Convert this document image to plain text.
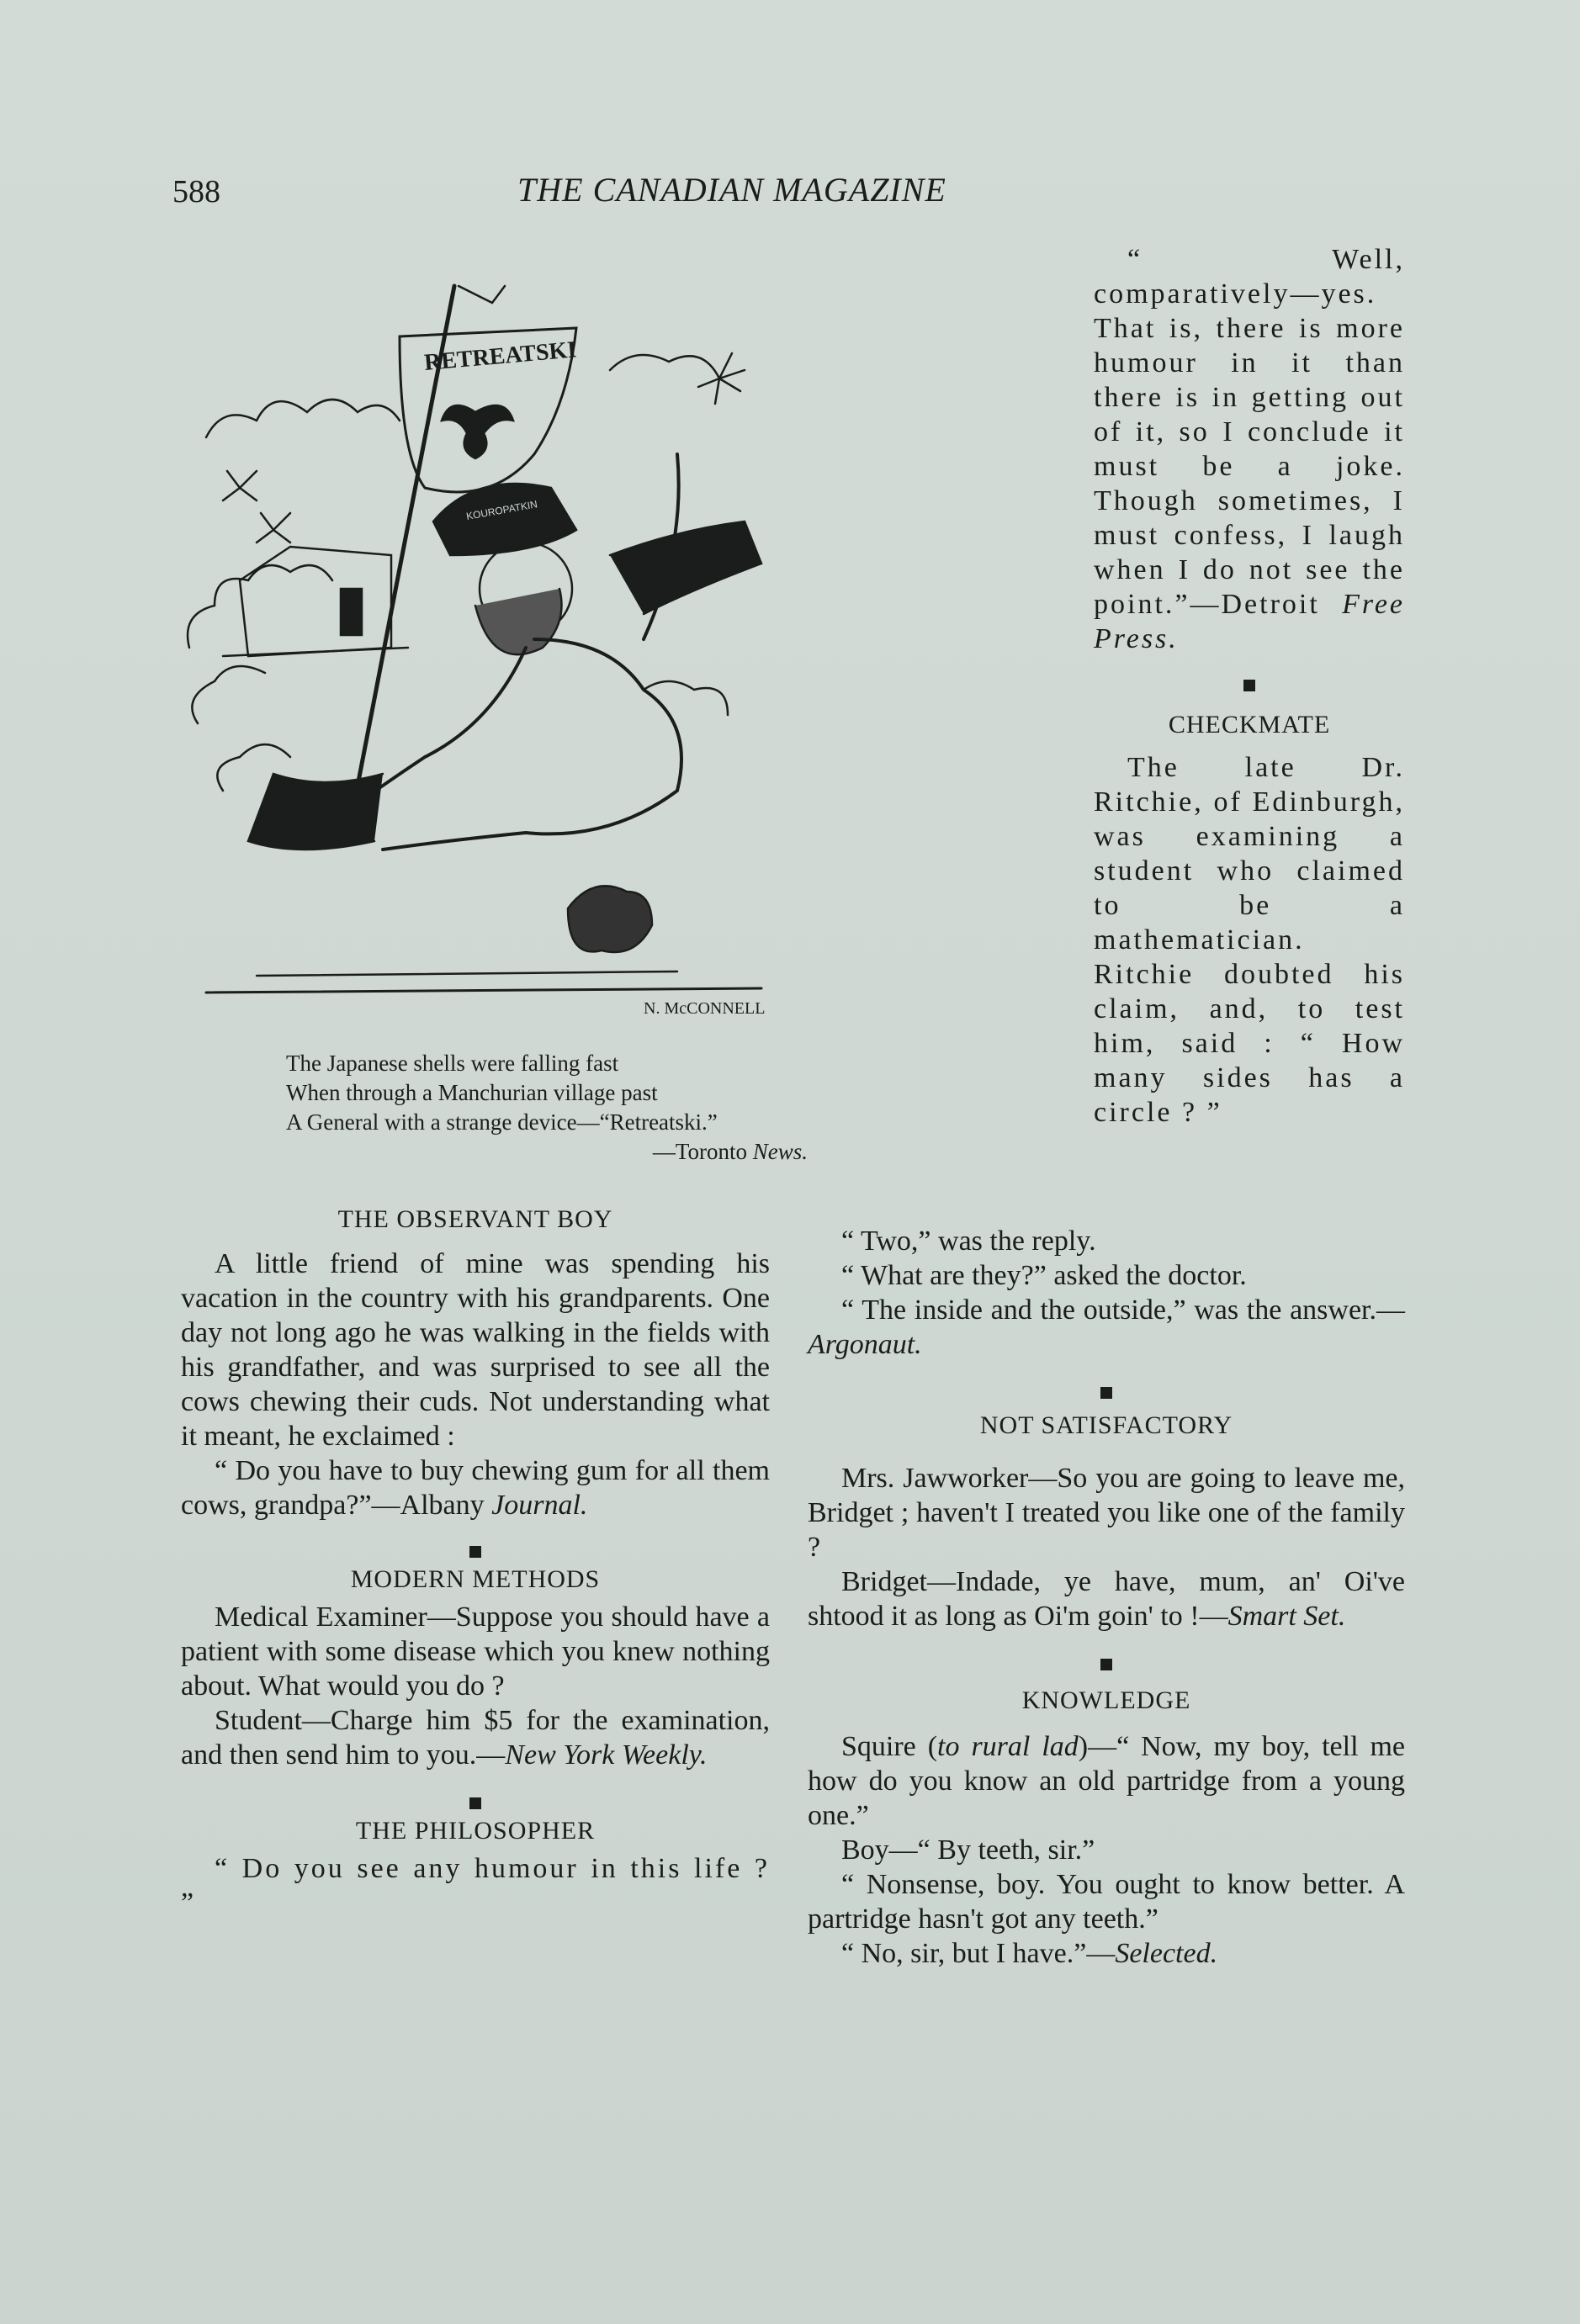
588	THE CANADIAN MAGAZINE
RETREATSKI
KOUROPATKIN
N. McCONNELL
The Japanese shells were falling fast
When through a Manchurian village past
A General with a strange device—“Retreatski.”
—Toronto News.

“ Well, comparatively—yes. That is, there is more humour in it than there is in getting out of it, so I conclude it must be a joke. Though sometimes, I must confess, I laugh when I do not see the point.”—Detroit Free Press.

CHECKMATE

The late Dr. Ritchie, of Edinburgh, was examining a student who claimed to be a mathematician. Ritchie doubted his claim, and, to test him, said : “ How many sides has a circle ? ”

“ Two,” was the reply.

“ What are they?” asked the doctor.

“ The inside and the outside,” was the answer.—Argonaut.

NOT SATISFACTORY

Mrs. Jawworker—So you are going to leave me, Bridget ; haven't I treated you like one of the family ?

Bridget—Indade, ye have, mum, an' Oi've shtood it as long as Oi'm goin' to !—Smart Set.

KNOWLEDGE

Squire (to rural lad)—“ Now, my boy, tell me how do you know an old partridge from a young one.”

Boy—“ By teeth, sir.”

“ Nonsense, boy. You ought to know better. A partridge hasn't got any teeth.”

“ No, sir, but I have.”—Selected.

THE OBSERVANT BOY

A little friend of mine was spending his vacation in the country with his grandparents. One day not long ago he was walking in the fields with his grandfather, and was surprised to see all the cows chewing their cuds. Not understanding what it meant, he exclaimed :

“ Do you have to buy chewing gum for all them cows, grandpa?”—Albany Journal.

MODERN METHODS

Medical Examiner—Suppose you should have a patient with some disease which you knew nothing about. What would you do ?

Student—Charge him $5 for the examination, and then send him to you.—New York Weekly.

THE PHILOSOPHER

“ Do you see any humour in this life ? ”
